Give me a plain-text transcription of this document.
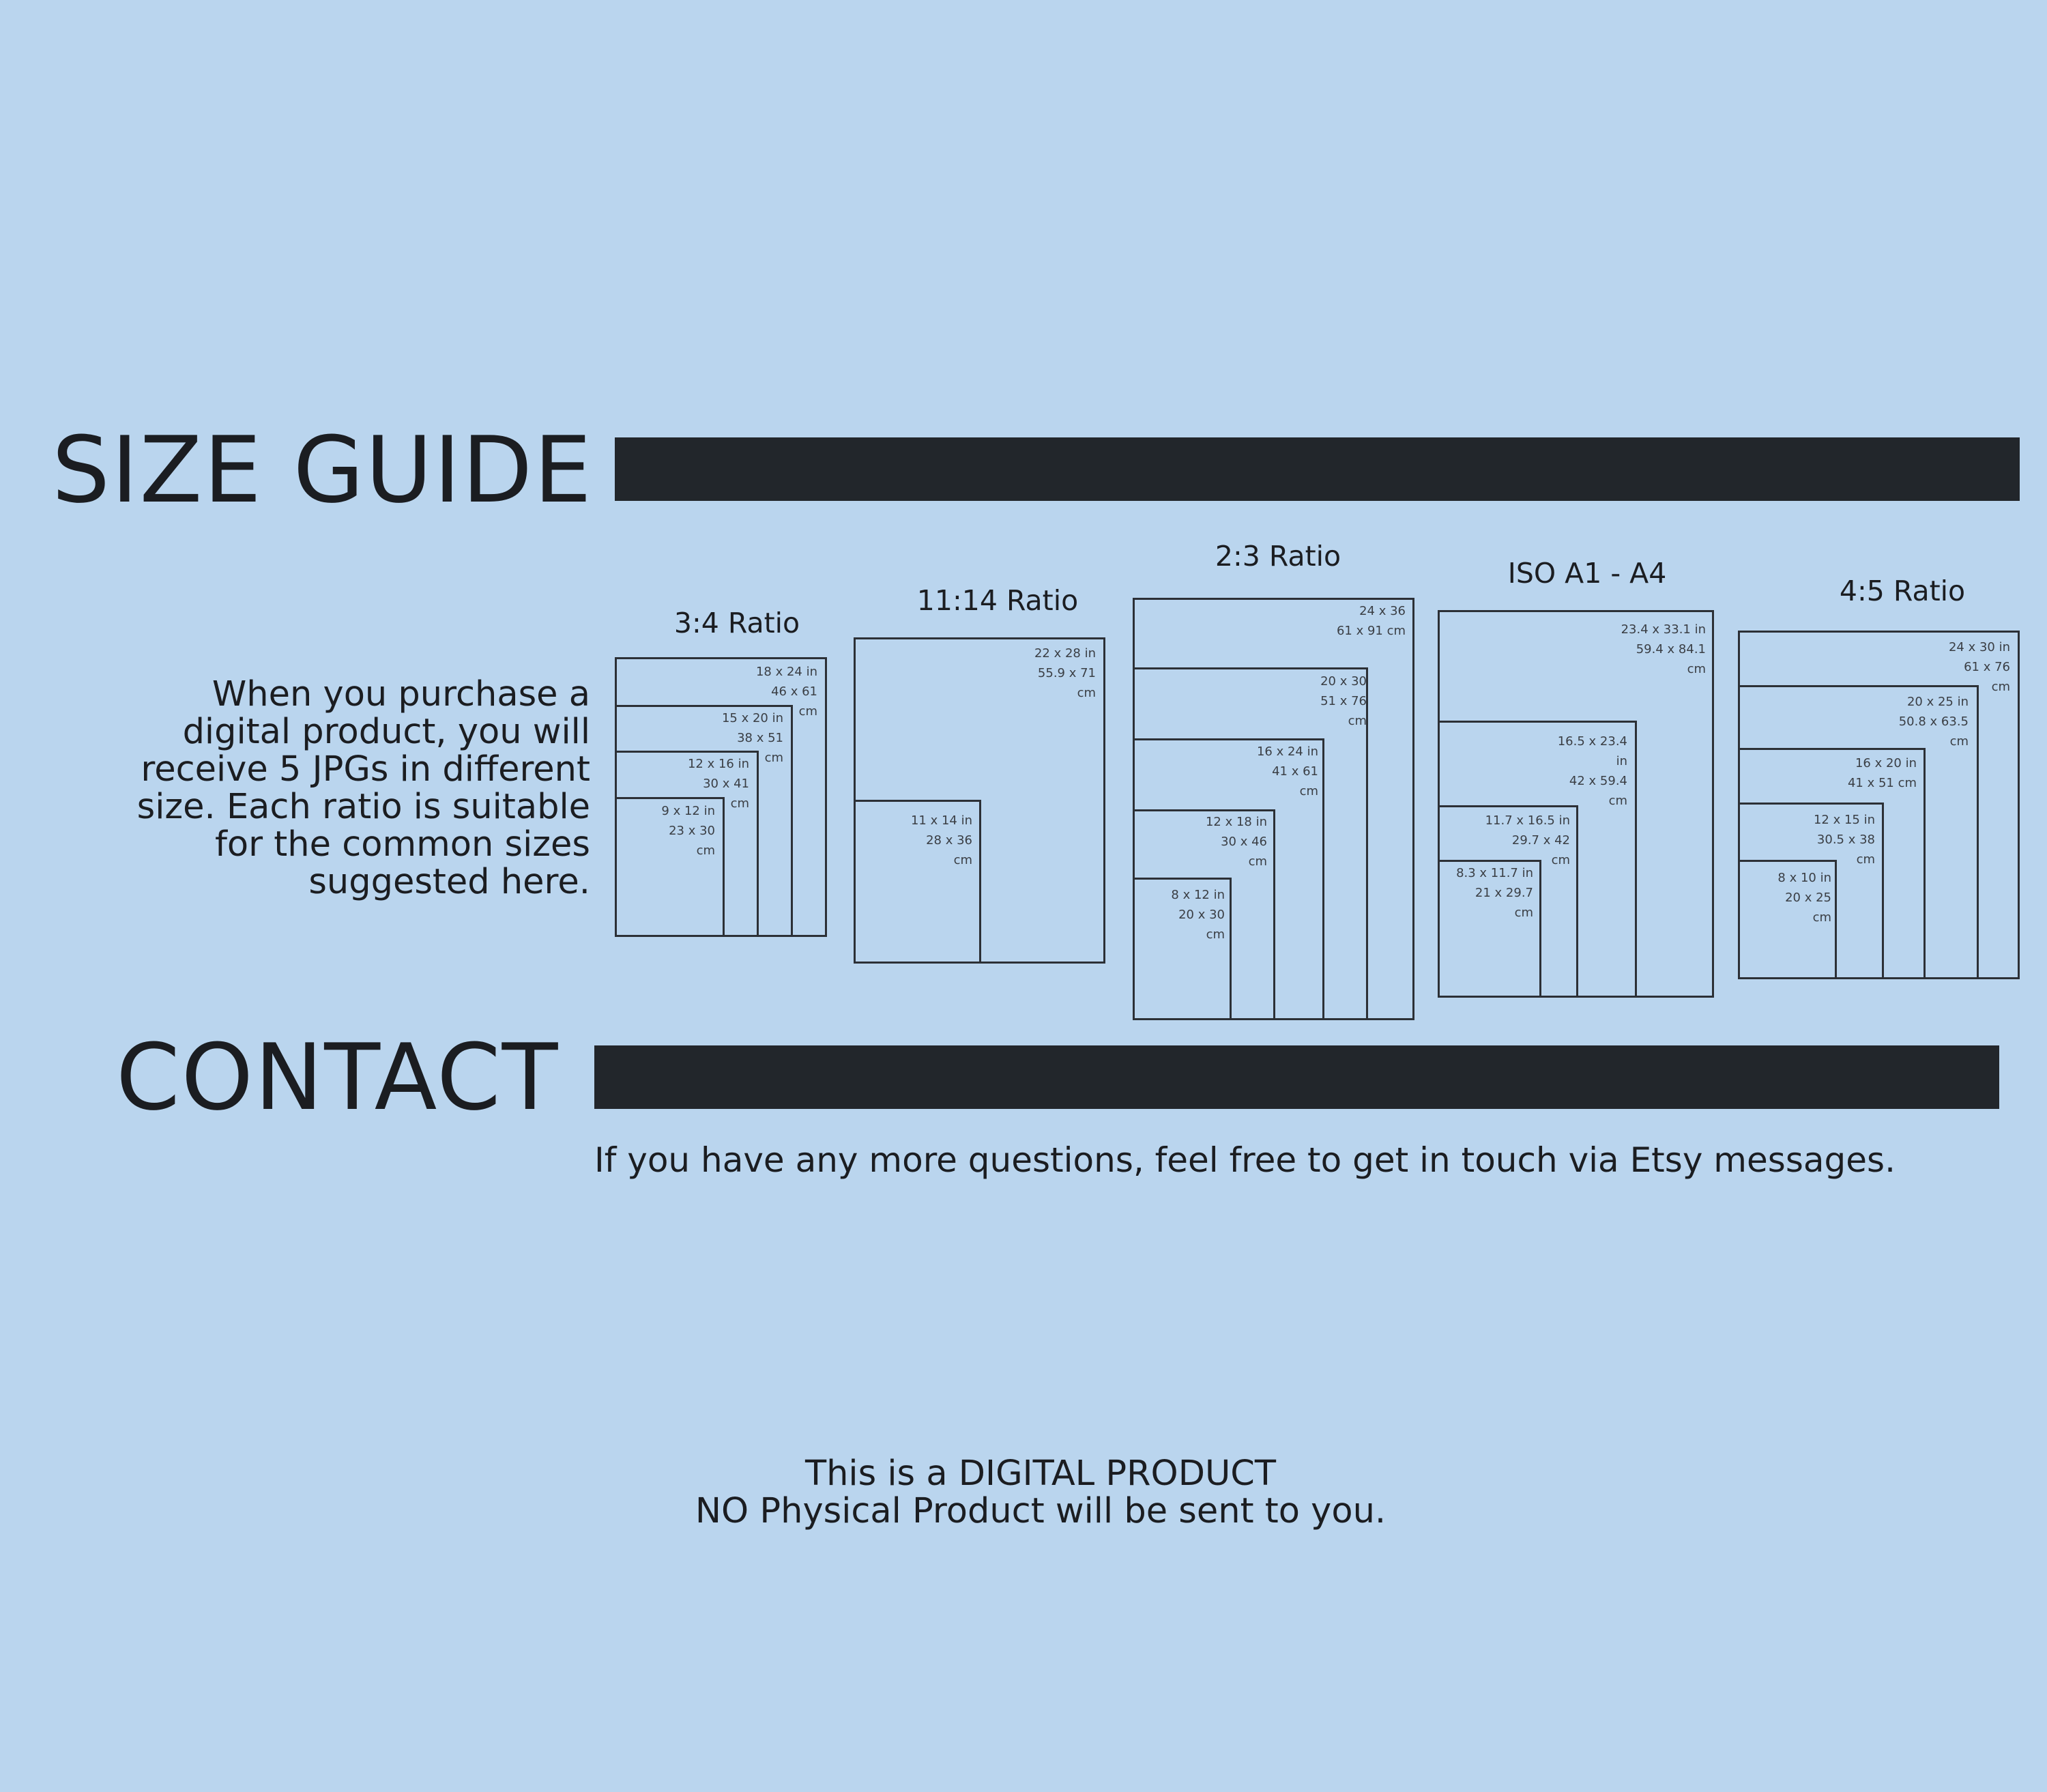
SIZE GUIDE

When you purchase a
digital product, you will
receive 5 JPGs in different
size. Each ratio is suitable
for the common sizes
suggested here.

3:4 Ratio
18 x 24 in
46 x 61
cm
15 x 20 in
38 x 51
cm
12 x 16 in
30 x 41
cm
9 x 12 in
23 x 30
cm
11:14 Ratio
22 x 28 in
55.9 x 71
cm
11 x 14 in
28 x 36
cm
2:3 Ratio
24 x 36
61 x 91 cm
20 x 30
51 x 76
cm
16 x 24 in
41 x 61
cm
12 x 18 in
30 x 46
cm
8 x 12 in
20 x 30
cm
ISO A1 - A4
23.4 x 33.1 in
59.4 x 84.1
cm
16.5 x 23.4
in
42 x 59.4
cm
11.7 x 16.5 in
29.7 x 42
cm
8.3 x 11.7 in
21 x 29.7
cm
4:5 Ratio
24 x 30 in
61 x 76
cm
20 x 25 in
50.8 x 63.5
cm
16 x 20 in
41 x 51 cm
12 x 15 in
30.5 x 38
cm
8 x 10 in
20 x 25
cm
CONTACT
If you have any more questions, feel free to get in touch via Etsy messages.
This is a DIGITAL PRODUCT
NO Physical Product will be sent to you.
